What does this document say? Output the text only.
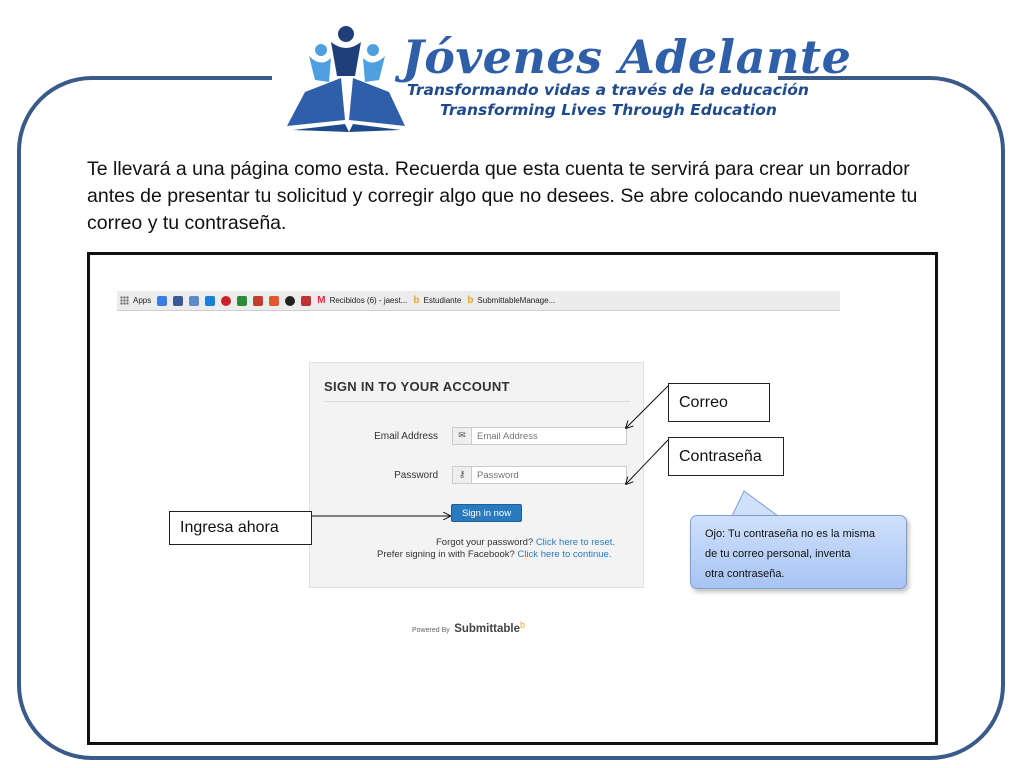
Jóvenes Adelante
Transformando vidas a través de la educación
Transforming Lives Through Education
Te llevará a una página como esta. Recuerda que esta cuenta te servirá para crear un borrador antes de presentar tu solicitud y corregir algo que no desees. Se abre colocando nuevamente tu correo y tu contraseña.
Apps	M Recibidos (6) - jaest... b Estudiante b SubmittableManage...
SIGN IN TO YOUR ACCOUNT
Email Address	✉
Email Address
Password	⚷
Sign in now
Forgot your password? Click here to reset.
Prefer signing in with Facebook? Click here to continue.
Powered By Submittable$^b$
Correo
Contraseña
Ingresa ahora	Ojo: Tu contraseña no es la misma
de tu correo personal, inventa
otra contraseña.
